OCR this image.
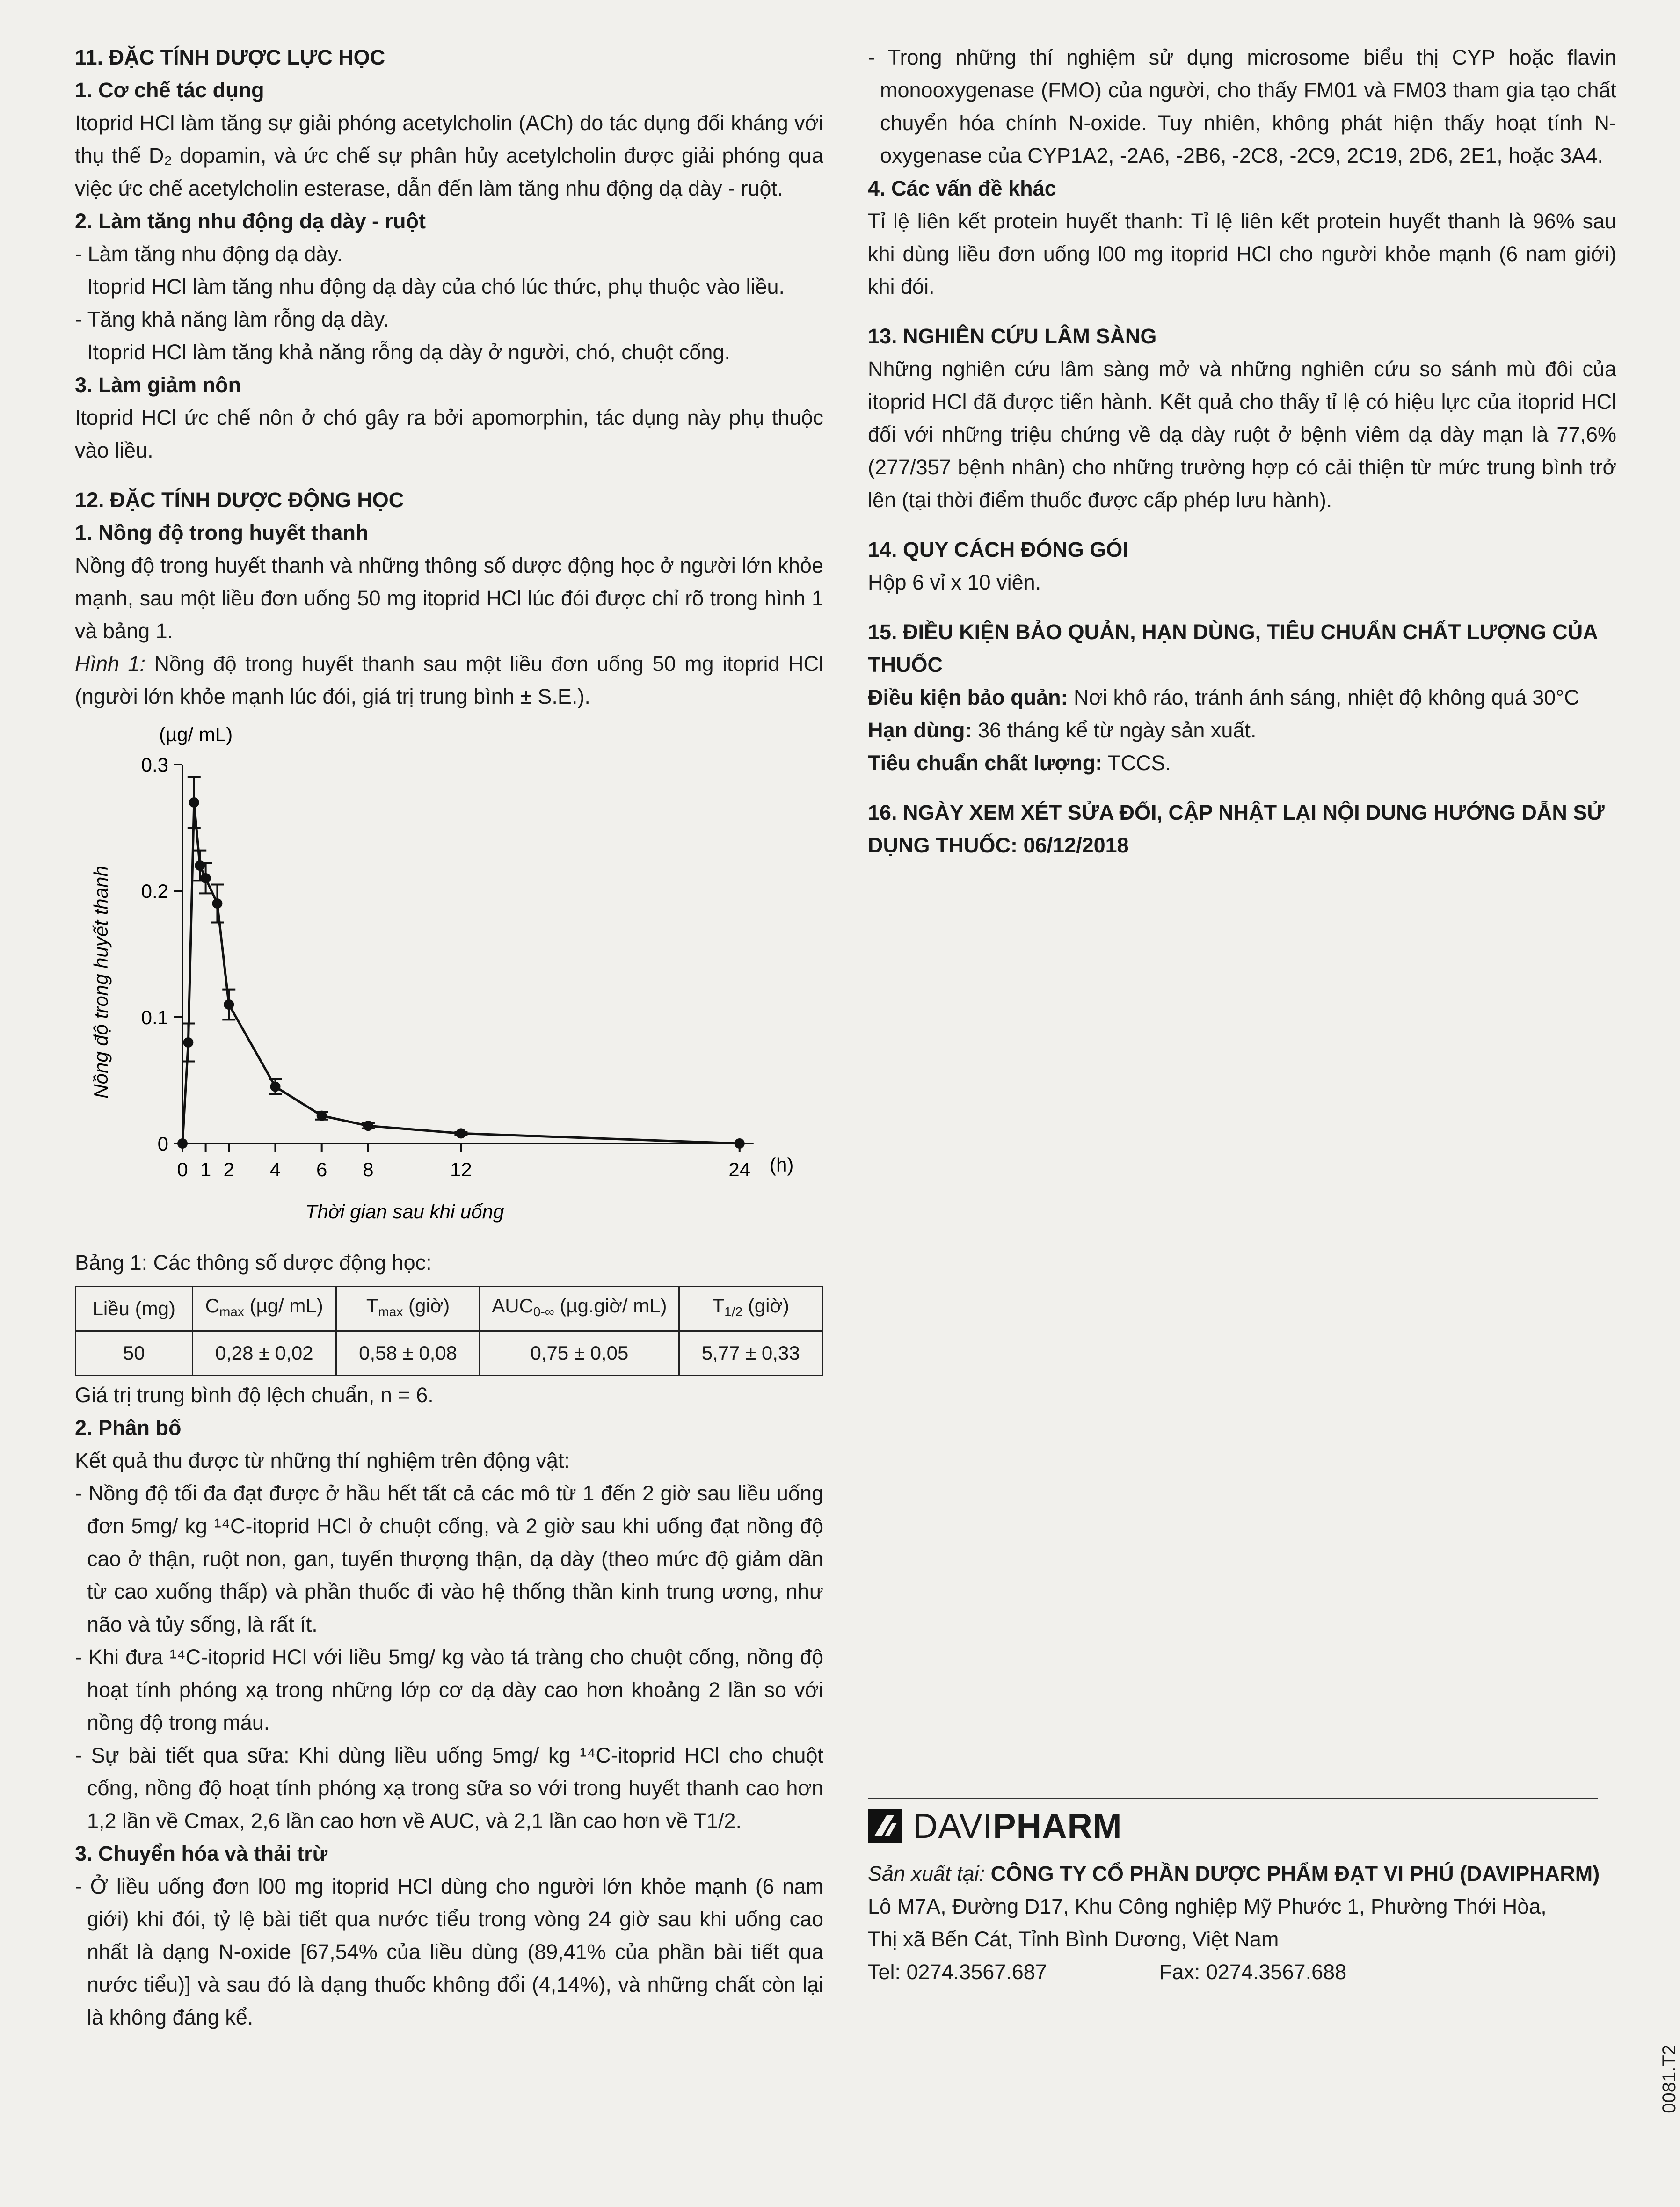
11. ĐẶC TÍNH DƯỢC LỰC HỌC

1. Cơ chế tác dụng

Itoprid HCl làm tăng sự giải phóng acetylcholin (ACh) do tác dụng đối kháng với thụ thể D₂ dopamin, và ức chế sự phân hủy acetylcholin được giải phóng qua việc ức chế acetylcholin esterase, dẫn đến làm tăng nhu động dạ dày - ruột.

2. Làm tăng nhu động dạ dày - ruột

- Làm tăng nhu động dạ dày.

Itoprid HCl làm tăng nhu động dạ dày của chó lúc thức, phụ thuộc vào liều.

- Tăng khả năng làm rỗng dạ dày.

Itoprid HCl làm tăng khả năng rỗng dạ dày ở người, chó, chuột cống.

3. Làm giảm nôn

Itoprid HCl ức chế nôn ở chó gây ra bởi apomorphin, tác dụng này phụ thuộc vào liều.

12. ĐẶC TÍNH DƯỢC ĐỘNG HỌC

1. Nồng độ trong huyết thanh

Nồng độ trong huyết thanh và những thông số dược động học ở người lớn khỏe mạnh, sau một liều đơn uống 50 mg itoprid HCl lúc đói được chỉ rõ trong hình 1 và bảng 1.

Hình 1: Nồng độ trong huyết thanh sau một liều đơn uống 50 mg itoprid HCl (người lớn khỏe mạnh lúc đói, giá trị trung bình ± S.E.).

(µg/ mL)
Nồng độ trong huyết thanh
Thời gian sau khi uống
(h)
0
0.1
0.2
0.3
0 1 2 4 6 8	12	24

Bảng 1: Các thông số dược động học:

Liều (mg)	$C_{max}$ (µg/ mL)	$T_{max}$ (giờ)	$AUC_{0-\infty}$ (µg.giờ/ mL)	$T_{1/2}$ (giờ)
50	0,28 ± 0,02	0,58 ± 0,08	0,75 ± 0,05	5,77 ± 0,33

Giá trị trung bình độ lệch chuẩn, n = 6.

2. Phân bố

Kết quả thu được từ những thí nghiệm trên động vật:

- Nồng độ tối đa đạt được ở hầu hết tất cả các mô từ 1 đến 2 giờ sau liều uống đơn 5mg/ kg ¹⁴C-itoprid HCl ở chuột cống, và 2 giờ sau khi uống đạt nồng độ cao ở thận, ruột non, gan, tuyến thượng thận, dạ dày (theo mức độ giảm dần từ cao xuống thấp) và phần thuốc đi vào hệ thống thần kinh trung ương, như não và tủy sống, là rất ít.

- Khi đưa ¹⁴C-itoprid HCl với liều 5mg/ kg vào tá tràng cho chuột cống, nồng độ hoạt tính phóng xạ trong những lớp cơ dạ dày cao hơn khoảng 2 lần so với nồng độ trong máu.

- Sự bài tiết qua sữa: Khi dùng liều uống 5mg/ kg ¹⁴C-itoprid HCl cho chuột cống, nồng độ hoạt tính phóng xạ trong sữa so với trong huyết thanh cao hơn 1,2 lần về Cmax, 2,6 lần cao hơn về AUC, và 2,1 lần cao hơn về T1/2.

3. Chuyển hóa và thải trừ

- Ở liều uống đơn l00 mg itoprid HCl dùng cho người lớn khỏe mạnh (6 nam giới) khi đói, tỷ lệ bài tiết qua nước tiểu trong vòng 24 giờ sau khi uống cao nhất là dạng N-oxide [67,54% của liều dùng (89,41% của phần bài tiết qua nước tiểu)] và sau đó là dạng thuốc không đổi (4,14%), và những chất còn lại là không đáng kể.

- Trong những thí nghiệm sử dụng microsome biểu thị CYP hoặc flavin monooxygenase (FMO) của người, cho thấy FM01 và FM03 tham gia tạo chất chuyển hóa chính N-oxide. Tuy nhiên, không phát hiện thấy hoạt tính N-oxygenase của CYP1A2, -2A6, -2B6, -2C8, -2C9, 2C19, 2D6, 2E1, hoặc 3A4.

4. Các vấn đề khác

Tỉ lệ liên kết protein huyết thanh: Tỉ lệ liên kết protein huyết thanh là 96% sau khi dùng liều đơn uống l00 mg itoprid HCl cho người khỏe mạnh (6 nam giới) khi đói.

13. NGHIÊN CỨU LÂM SÀNG

Những nghiên cứu lâm sàng mở và những nghiên cứu so sánh mù đôi của itoprid HCl đã được tiến hành. Kết quả cho thấy tỉ lệ có hiệu lực của itoprid HCl đối với những triệu chứng về dạ dày ruột ở bệnh viêm dạ dày mạn là 77,6% (277/357 bệnh nhân) cho những trường hợp có cải thiện từ mức trung bình trở lên (tại thời điểm thuốc được cấp phép lưu hành).

14. QUY CÁCH ĐÓNG GÓI

Hộp 6 vỉ x 10 viên.

15. ĐIỀU KIỆN BẢO QUẢN, HẠN DÙNG, TIÊU CHUẨN CHẤT LƯỢNG CỦA THUỐC

Điều kiện bảo quản: Nơi khô ráo, tránh ánh sáng, nhiệt độ không quá 30°C

Hạn dùng: 36 tháng kể từ ngày sản xuất.

Tiêu chuẩn chất lượng: TCCS.

16. NGÀY XEM XÉT SỬA ĐỔI, CẬP NHẬT LẠI NỘI DUNG HƯỚNG DẪN SỬ DỤNG THUỐC: 06/12/2018

DAVIPHARM

Sản xuất tại: CÔNG TY CỔ PHẦN DƯỢC PHẨM ĐẠT VI PHÚ (DAVIPHARM)

Lô M7A, Đường D17, Khu Công nghiệp Mỹ Phước 1, Phường Thới Hòa,

Thị xã Bến Cát, Tỉnh Bình Dương, Việt Nam

Tel: 0274.3567.687	Fax: 0274.3567.688

0081.T2
